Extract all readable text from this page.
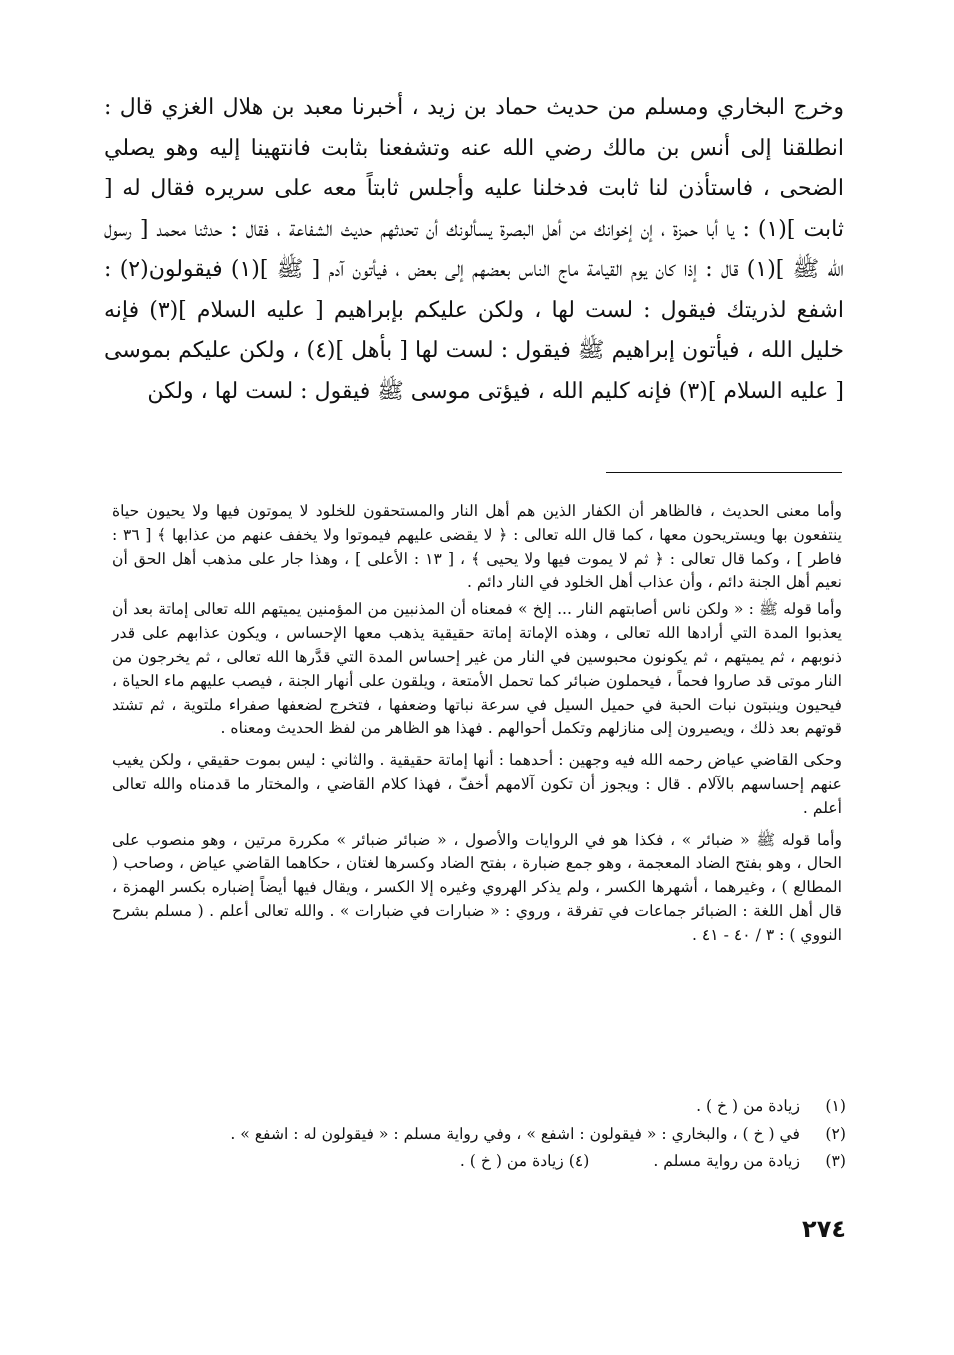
وخرج البخاري ومسلم من حديث حماد بن زيد ، أخبرنا معبد بن هلال الغزي قال : انطلقنا إلى أنس بن مالك رضي الله عنه وتشفعنا بثابت فانتهينا إليه وهو يصلي الضحى ، فاستأذن لنا ثابت فدخلنا عليه وأجلس ثابتاً معه على سريره فقال له [ ثابت ](١) : يا أبا حمزة ، إن إخوانك من أهل البصرة يسألونك أن تحدثهم حديث الشفاعة ، فقال : حدثنا محمد [ رسول الله ﷺ ](١) قال : إذا كان يوم القيامة ماج الناس بعضهم إلى بعض ، فيأتون آدم [ ﷺ ](١) فيقولون(٢) : اشفع لذريتك فيقول : لست لها ، ولكن عليكم بإبراهيم [ عليه السلام ](٣) فإنه خليل الله ، فيأتون إبراهيم ﷺ فيقول : لست لها [ بأهل ](٤) ، ولكن عليكم بموسى [ عليه السلام ](٣) فإنه كليم الله ، فيؤتى موسى ﷺ فيقول : لست لها ، ولكن

وأما معنى الحديث ، فالظاهر أن الكفار الذين هم أهل النار والمستحقون للخلود لا يموتون فيها ولا يحيون حياة ينتفعون بها ويستريحون معها ، كما قال الله تعالى : ﴿ لا يقضى عليهم فيموتوا ولا يخفف عنهم من عذابها ﴾ [ ٣٦ : فاطر ] ، وكما قال تعالى : ﴿ ثم لا يموت فيها ولا يحيى ﴾ ، [ ١٣ : الأعلى ] ، وهذا جار على مذهب أهل الحق أن نعيم أهل الجنة دائم ، وأن عذاب أهل الخلود في النار دائم .

وأما قوله ﷺ : « ولكن ناس أصابتهم النار ... إلخ » فمعناه أن المذنبين من المؤمنين يميتهم الله تعالى إماتة بعد أن يعذبوا المدة التي أرادها الله تعالى ، وهذه الإماتة إماتة حقيقية يذهب معها الإحساس ، ويكون عذابهم على قدر ذنوبهم ، ثم يميتهم ، ثم يكونون محبوسين في النار من غير إحساس المدة التي قدَّرها الله تعالى ، ثم يخرجون من النار موتى قد صاروا فحماً ، فيحملون ضبائر كما تحمل الأمتعة ، ويلقون على أنهار الجنة ، فيصب عليهم ماء الحياة ، فيحيون وينبتون نبات الحبة في حميل السيل في سرعة نباتها وضعفها ، فتخرج لضعفها صفراء ملتوية ، ثم تشتد قوتهم بعد ذلك ، ويصيرون إلى منازلهم وتكمل أحوالهم . فهذا هو الظاهر من لفظ الحديث ومعناه .

وحكى القاضي عياض رحمه الله فيه وجهين : أحدهما : أنها إماتة حقيقية . والثاني : ليس بموت حقيقي ، ولكن يغيب عنهم إحساسهم بالآلام . قال : ويجوز أن تكون آلامهم أخفّ ، فهذا كلام القاضي ، والمختار ما قدمناه والله تعالى أعلم .

وأما قوله ﷺ « ضبائر » ، فكذا هو في الروايات والأصول ، « ضبائر ضبائر » مكررة مرتين ، وهو منصوب على الحال ، وهو بفتح الضاد المعجمة ، وهو جمع ضبارة ، بفتح الضاد وكسرها لغتان ، حكاهما القاضي عياض ، وصاحب ( المطالع ) ، وغيرهما ، أشهرها الكسر ، ولم يذكر الهروي وغيره إلا الكسر ، ويقال فيها أيضاً إضباره بكسر الهمزة ، قال أهل اللغة : الضبائر جماعات في تفرقة ، وروي : « ضبارات في ضبارات » . والله تعالى أعلم . ( مسلم بشرح النووي ) : ٣ / ٤٠ - ٤١ .

(١)
زيادة من ( خ ) .
(٢)
في ( خ ) ، والبخاري : « فيقولون : اشفع » ، وفي رواية مسلم : « فيقولون له : اشفع » .
(٣)
زيادة من رواية مسلم .
(٤) زيادة من ( خ ) .
٢٧٤
